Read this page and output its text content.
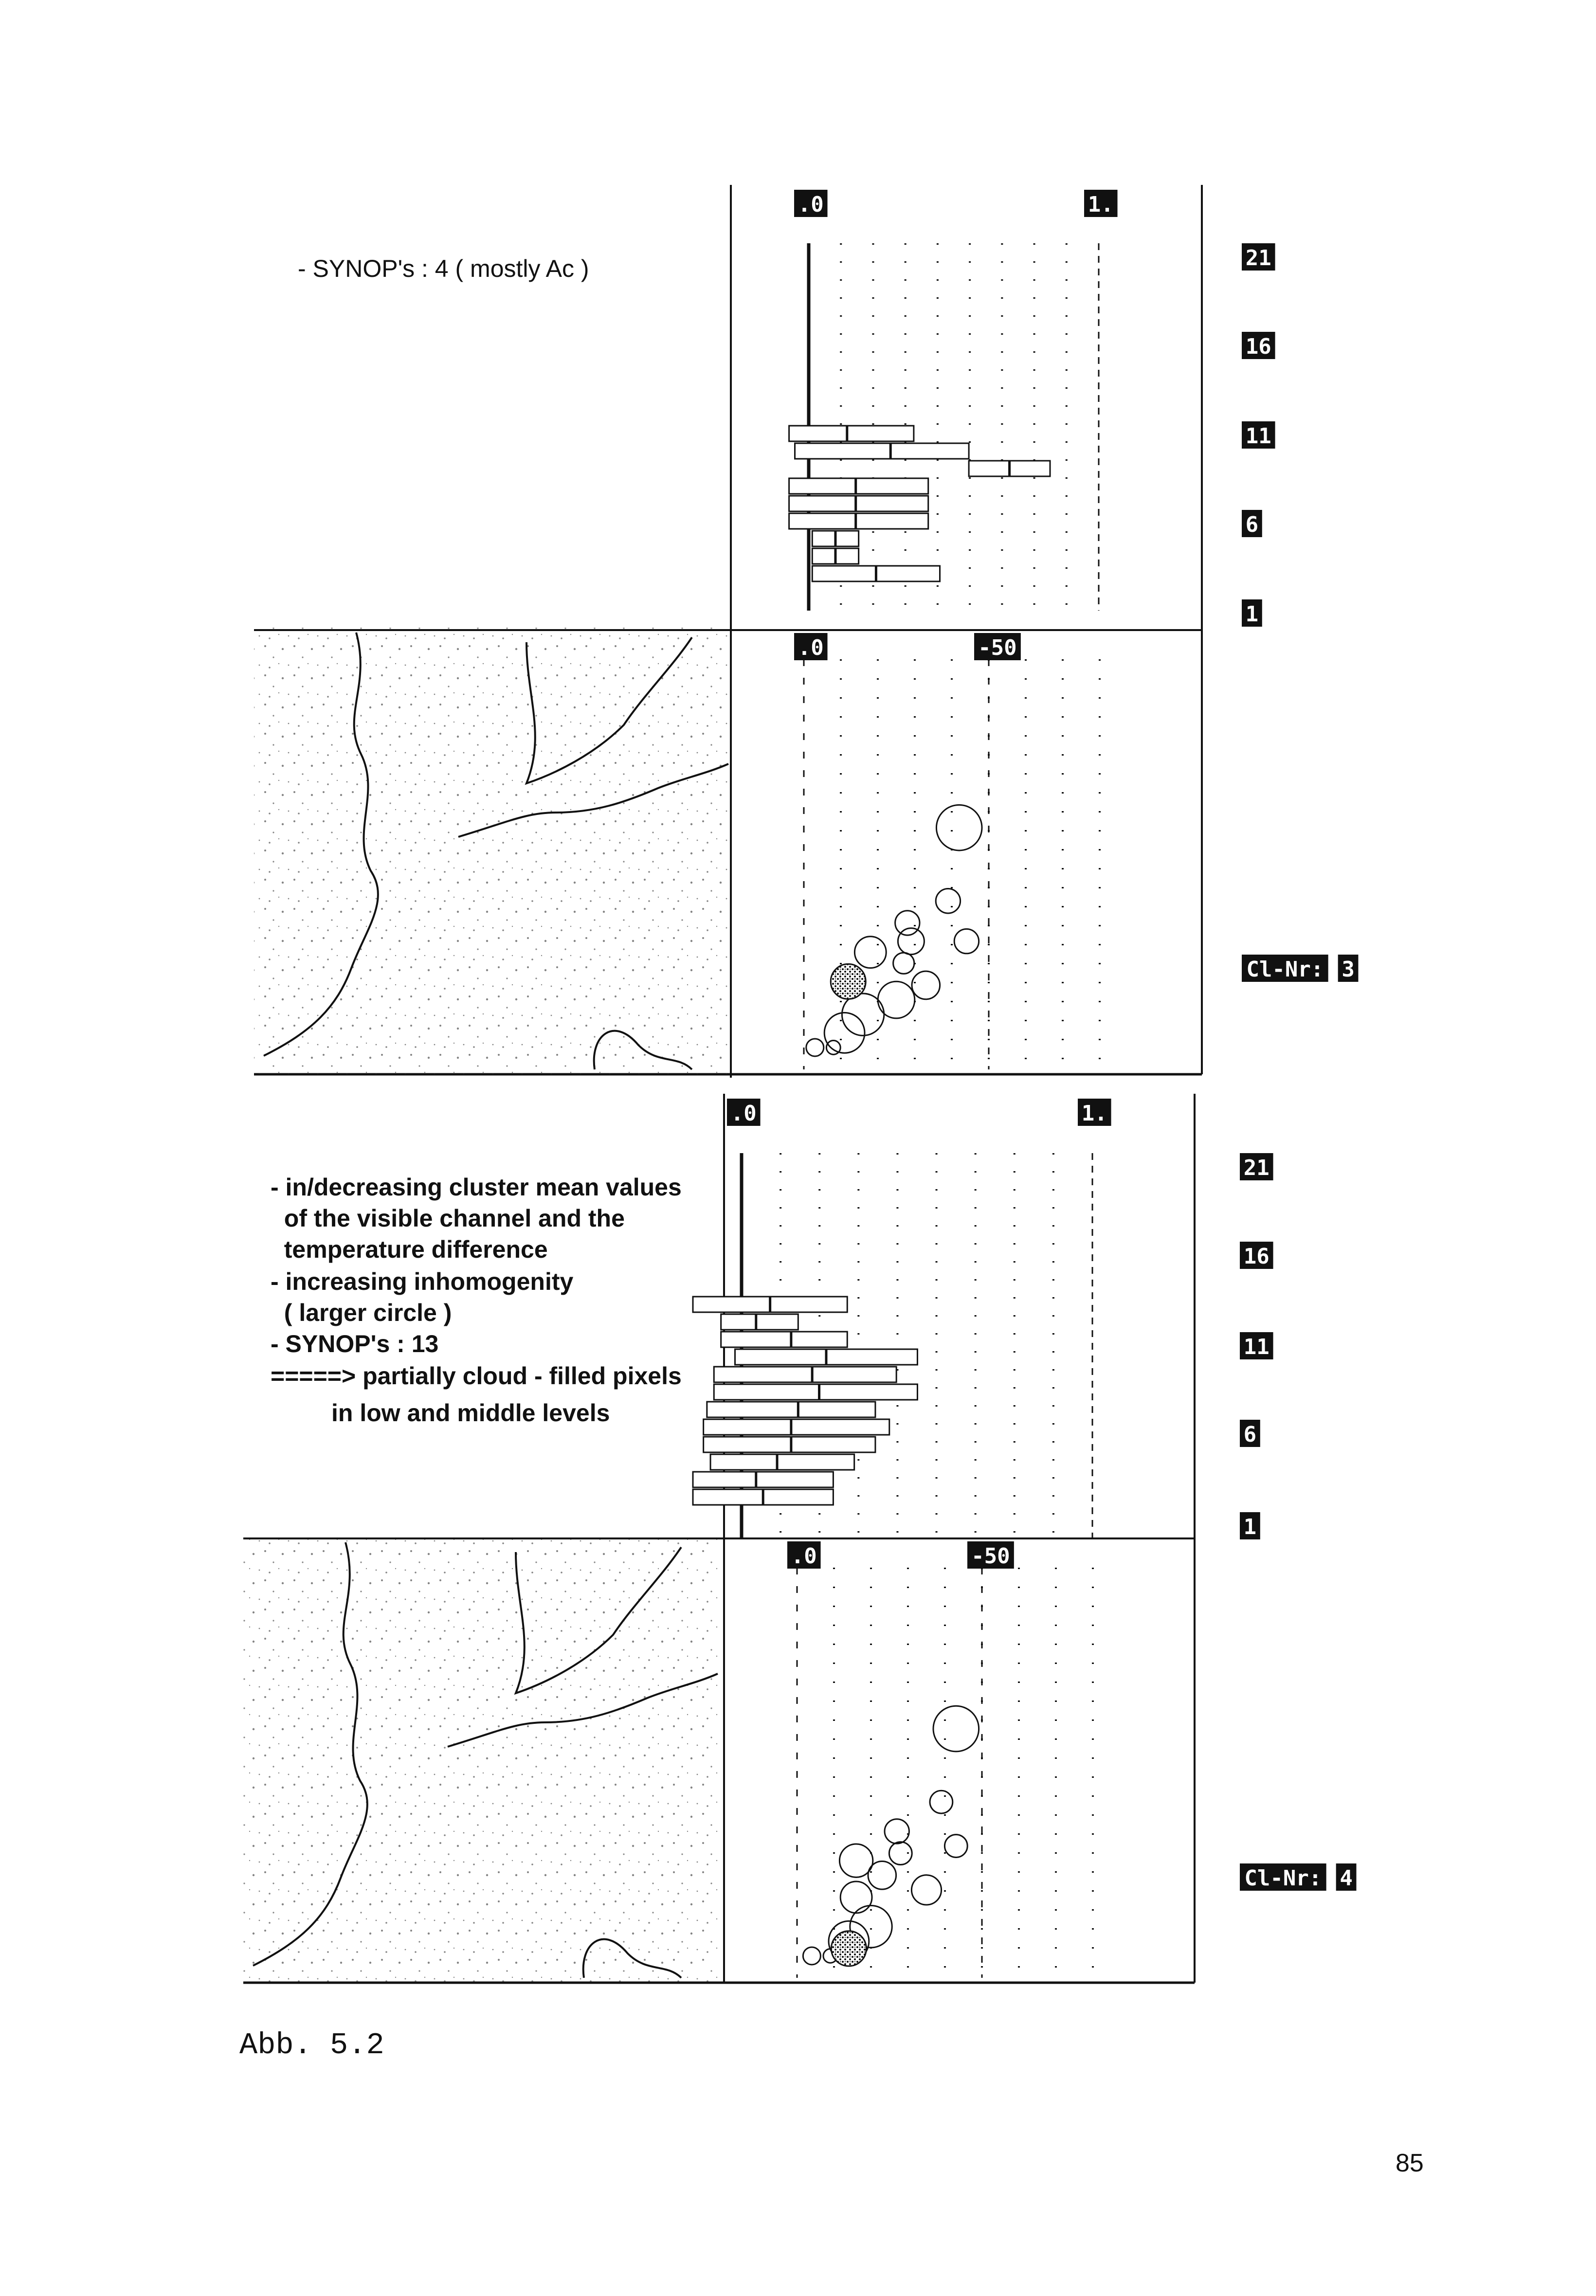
.0	1.
.0	-50
21
16
11
6
1
Cl-Nr: 3
.0	1.
.0	-50
21
16
11
6
1
Cl-Nr: 4
- SYNOP's : 4 ( mostly Ac )
- in/decreasing cluster mean values
of the visible channel and the
temperature difference
- increasing inhomogenity
( larger circle )
- SYNOP's : 13
=====> partially cloud - filled pixels
in low and middle levels
Abb. 5.2
85
